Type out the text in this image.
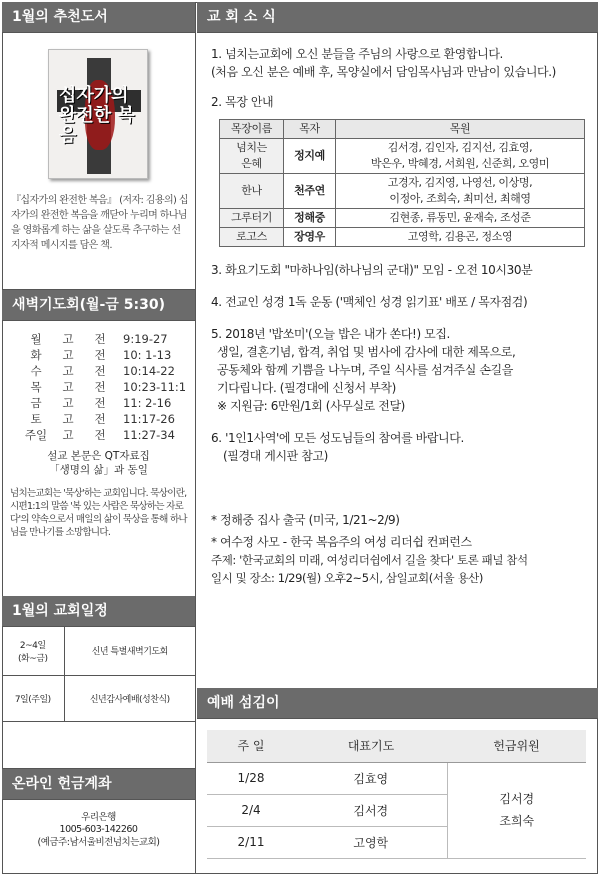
1월의 추천도서
십자가의 완전한 복음
『십자가의 완전한 복음』 (저자: 김용의) 십자가의 완전한 복음을 깨닫아 누리며 하나님을 영화롭게 하는 삶을 살도록 추구하는 선지자적 메시지를 담은 책.
새벽기도회(월-금 5:30)
월	고	전	9:19-27
화	고	전	10: 1-13
수	고	전	10:14-22
목	고	전	10:23-11:1
금	고	전	11: 2-16
토	고	전	11:17-26
주일	고	전	11:27-34
설교 본문은 QT자료집
「생명의 삶」과 동일
넘치는교회는 '묵상'하는 교회입니다. 묵상이란, 시편1:1의 말씀 '복 있는 사람은 묵상하는 자로다'의 약속으로서 매일의 삶이 묵상을 통해 하나님을 만나기를 소망합니다.
1월의 교회일정
2~4일
(화~금)	신년 특별새벽기도회
7일(주일)	신년감사예배(성찬식)
온라인 헌금계좌
우리은행
1005-603-142260
(예금주:남서울비전넘치는교회)
교 회 소 식
1. 넘치는교회에 오신 분들을 주님의 사랑으로 환영합니다.
(처음 오신 분은 예배 후, 목양실에서 담임목사님과 만남이 있습니다.)
2. 목장 안내
목장이름	목자	목원
넘치는
은혜	정지예	김서경, 김인자, 김지선, 김효영,
박은우, 박혜경, 서희원, 신준희, 오영미
한나	천주연	고경자, 김지영, 나영선, 이상명,
이정아, 조희숙, 최미선, 최해영
그루터기	정해중	김현종, 류동민, 윤재숙, 조성준
로고스	장영우	고영학, 김용곤, 정소영
3. 화요기도회 "마하나임(하나님의 군대)" 모임 - 오전 10시30분
4. 전교인 성경 1독 운동 ('맥체인 성경 읽기표' 배포 / 목자점검)
5. 2018년 '밥쏘미'(오늘 밥은 내가 쏜다!) 모집.
생일, 결혼기념, 합격, 취업 및 범사에 감사에 대한 제목으로,
공동체와 함께 기쁨을 나누며, 주일 식사를 섬겨주실 손길을
기다립니다. (필경대에 신청서 부착)
※ 지원금: 6만원/1회 (사무실로 전달)
6. '1인1사역'에 모든 성도님들의 참여를 바랍니다.
(필경대 게시판 참고)
* 정해중 집사 출국 (미국, 1/21~2/9)
* 여수정 사모 - 한국 복음주의 여성 리더쉽 컨퍼런스
주제: '한국교회의 미래, 여성리더쉽에서 길을 찾다' 토론 패널 참석
일시 및 장소: 1/29(월) 오후2~5시, 삼일교회(서울 용산)
예배 섬김이
주 일	대표기도	헌금위원
1/28	김효영	김서경
조희숙
2/4	김서경	
2/11	고영학	
